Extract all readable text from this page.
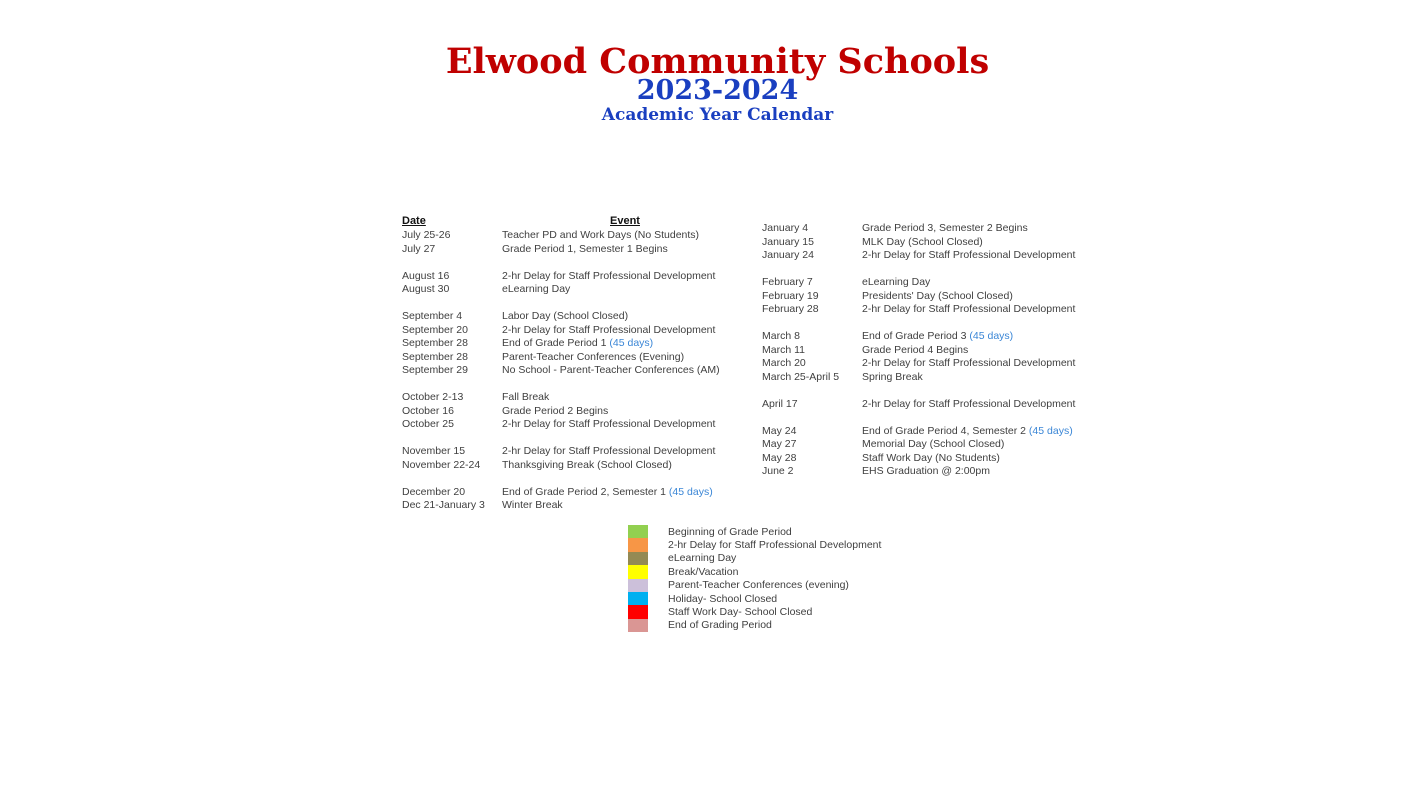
Elwood Community Schools
2023-2024
Academic Year Calendar
Date	Event
July 25-26	Teacher PD and Work Days (No Students)
July 27	Grade Period 1, Semester 1 Begins
August 16	2-hr Delay for Staff Professional Development
August 30	eLearning Day
September 4	Labor Day (School Closed)
September 20	2-hr Delay for Staff Professional Development
September 28	End of Grade Period 1 (45 days)
September 28	Parent-Teacher Conferences (Evening)
September 29	No School - Parent-Teacher Conferences (AM)
October 2-13	Fall Break
October 16	Grade Period 2 Begins
October 25	2-hr Delay for Staff Professional Development
November 15	2-hr Delay for Staff Professional Development
November 22-24	Thanksgiving Break (School Closed)
December 20	End of Grade Period 2, Semester 1 (45 days)
Dec 21-January 3	Winter Break
January 4	Grade Period 3, Semester 2 Begins
January 15	MLK Day (School Closed)
January 24	2-hr Delay for Staff Professional Development
February 7	eLearning Day
February 19	Presidents' Day (School Closed)
February 28	2-hr Delay for Staff Professional Development
March 8	End of Grade Period 3 (45 days)
March 11	Grade Period 4 Begins
March 20	2-hr Delay for Staff Professional Development
March 25-April 5	Spring Break
April 17	2-hr Delay for Staff Professional Development
May 24	End of Grade Period 4, Semester 2 (45 days)
May 27	Memorial Day (School Closed)
May 28	Staff Work Day (No Students)
June 2	EHS Graduation @ 2:00pm
Beginning of Grade Period
2-hr Delay for Staff Professional Development
eLearning Day
Break/Vacation
Parent-Teacher Conferences (evening)
Holiday- School Closed
Staff Work Day- School Closed
End of Grading Period
